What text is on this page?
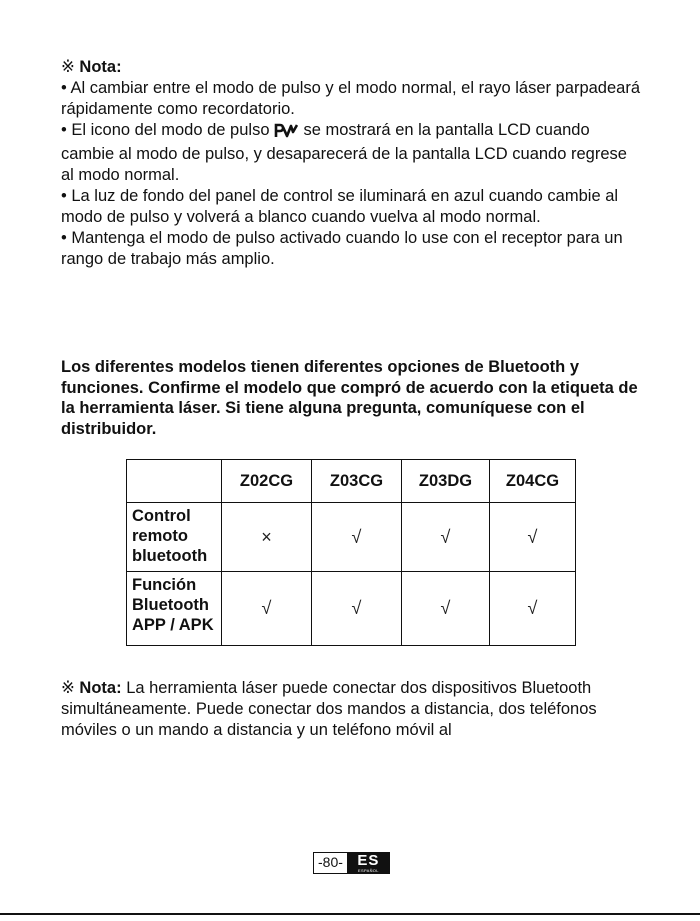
※ Nota:

• Al cambiar entre el modo de pulso y el modo normal, el rayo láser parpadeará rápidamente como recordatorio.

• El icono del modo de pulso se mostrará en la pantalla LCD cuando cambie al modo de pulso, y desaparecerá de la pantalla LCD cuando regrese al modo normal.

• La luz de fondo del panel de control se iluminará en azul cuando cambie al modo de pulso y volverá a blanco cuando vuelva al modo normal.

• Mantenga el modo de pulso activado cuando lo use con el receptor para un rango de trabajo más amplio.

Los diferentes modelos tienen diferentes opciones de Bluetooth y funciones. Confirme el modelo que compró de acuerdo con la etiqueta de la herramienta láser. Si tiene alguna pregunta, comuníquese con el distribuidor.

	Z02CG	Z03CG	Z03DG	Z04CG
Control remoto bluetooth	×	√	√	√
Función Bluetooth APP / APK	√	√	√	√

※ Nota: La herramienta láser puede conectar dos dispositivos Bluetooth simultáneamente. Puede conectar dos mandos a distancia, dos teléfonos móviles o un mando a distancia y un teléfono móvil al

-80- ES
ESPAÑOL
